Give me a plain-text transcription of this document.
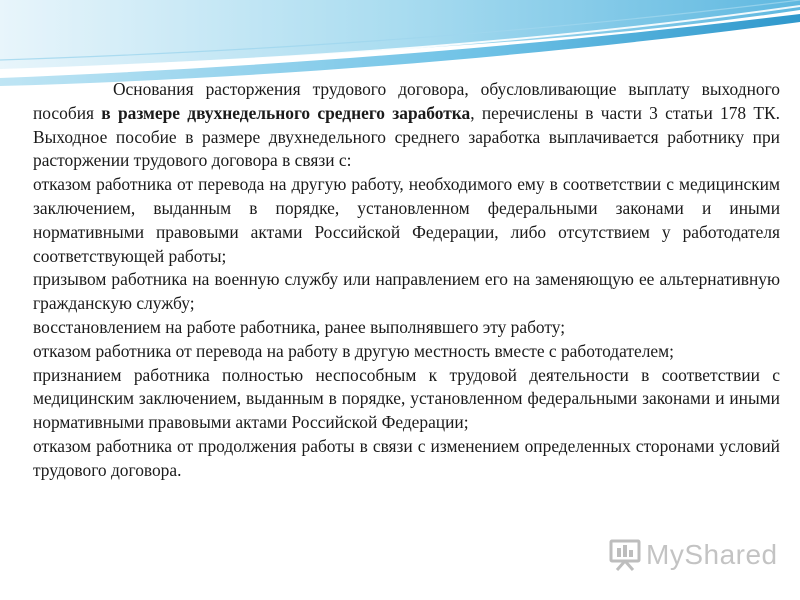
Основания расторжения трудового договора, обусловливающие выплату выходного пособия в размере двухнедельного среднего заработка, перечислены в части 3 статьи 178 ТК. Выходное пособие в размере двухнедельного среднего заработка выплачивается работнику при расторжении трудового договора в связи с:

отказом работника от перевода на другую работу, необходимого ему в соответствии с медицинским заключением, выданным в порядке, установленном федеральными законами и иными нормативными правовыми актами Российской Федерации, либо отсутствием у работодателя соответствующей работы;

призывом работника на военную службу или направлением его на заменяющую ее альтернативную гражданскую службу;

восстановлением на работе работника, ранее выполнявшего эту работу;

отказом работника от перевода на работу в другую местность вместе с работодателем;

признанием работника полностью неспособным к трудовой деятельности в соответствии с медицинским заключением, выданным в порядке, установленном федеральными законами и иными нормативными правовыми актами Российской Федерации;

отказом работника от продолжения работы в связи с изменением определенных сторонами условий трудового договора.

MyShared
